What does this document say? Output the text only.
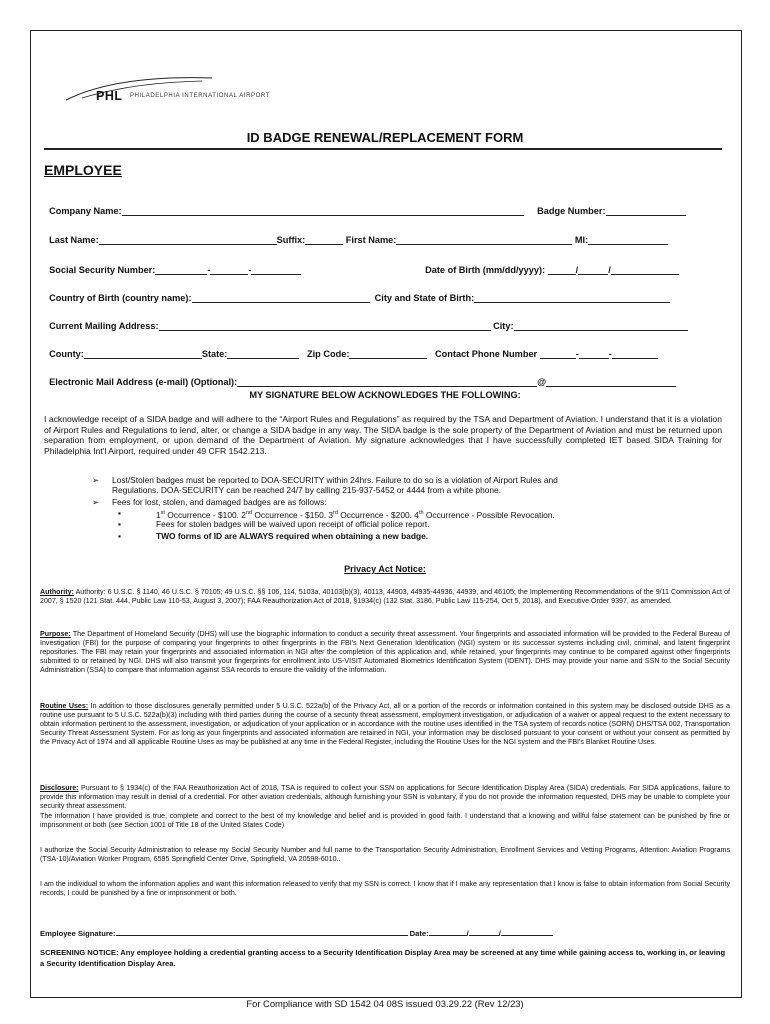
PHL PHILADELPHIA INTERNATIONAL AIRPORT
ID BADGE RENEWAL/REPLACEMENT FORM
EMPLOYEE

Company Name:	Badge Number:

Last Name:	Suffix:	First Name:	MI:

Social Security Number:	-	-	Date of Birth (mm/dd/yyyy):	/	/

Country of Birth (country name):	City and State of Birth:

Current Mailing Address:	City:

County:	State:	Zip Code:	Contact Phone Number	-	-

Electronic Mail Address (e-mail) (Optional):	@

MY SIGNATURE BELOW ACKNOWLEDGES THE FOLLOWING:
I acknowledge receipt of a SIDA badge and will adhere to the “Airport Rules and Regulations” as required by the TSA and Department of Aviation. I understand that it is a violation of Airport Rules and Regulations to lend, alter, or change a SIDA badge in any way. The SIDA badge is the sole property of the Department of Aviation and must be returned upon separation from employment, or upon demand of the Department of Aviation. My signature acknowledges that I have successfully completed IET based SIDA Training for Philadelphia Int'l Airport, required under 49 CFR 1542.213.
➢ Lost/Stolen badges must be reported to DOA-SECURITY within 24hrs. Failure to do so is a violation of Airport Rules and
Regulations. DOA-SECURITY can be reached 24/7 by calling 215-937-5452 or 4444 from a white phone.
➢ Fees for lost, stolen, and damaged badges are as follows:
▪	1st Occurrence - $100. 2nd Occurrence - $150. 3rd Occurrence - $200. 4th Occurrence - Possible Revocation.
▪	Fees for stolen badges will be waived upon receipt of official police report.
▪	TWO forms of ID are ALWAYS required when obtaining a new badge.
Privacy Act Notice:
Authority: Authority: 6 U.S.C. § 1140, 46 U.S.C. § 70105; 49 U.S.C. §§ 106, 114, 5103a, 40103(b)(3), 40113, 44903, 44935-44936, 44939, and 46105; the Implementing Recommendations of the 9/11 Commission Act of 2007, § 1520 (121 Stat. 444, Public Law 110-53, August 3, 2007); FAA Reauthorization Act of 2018, §1934(c) (132 Stat. 3186, Public Law 115-254, Oct 5, 2018), and Executive Order 9397, as amended.
Purpose: The Department of Homeland Security (DHS) will use the biographic information to conduct a security threat assessment. Your fingerprints and associated information will be provided to the Federal Bureau of Investigation (FBI) for the purpose of comparing your fingerprints to other fingerprints in the FBI's Next Generation Identification (NGI) system or its successor systems including civil, criminal, and latent fingerprint repositories. The FBI may retain your fingerprints and associated information in NGI after the completion of this application and, while retained, your fingerprints may continue to be compared against other fingerprints submitted to or retained by NGI. DHS will also transmit your fingerprints for enrollment into US-VISIT Automated Biometrics Identification System (IDENT). DHS may provide your name and SSN to the Social Security Administration (SSA) to compare that information against SSA records to ensure the validity of the information.
Routine Uses: In addition to those disclosures generally permitted under 5 U.S.C. 522a(b) of the Privacy Act, all or a portion of the records or information contained in this system may be disclosed outside DHS as a routine use pursuant to 5 U.S.C. 522a(b)(3) including with third parties during the course of a security threat assessment, employment investigation, or adjudication of a waiver or appeal request to the extent necessary to obtain information pertinent to the assessment, investigation, or adjudication of your application or in accordance with the routine uses identified in the TSA system of records notice (SORN) DHS/TSA 002, Transportation Security Threat Assessment System. For as long as your fingerprints and associated information are retained in NGI, your information may be disclosed pursuant to your consent or without your consent as permitted by the Privacy Act of 1974 and all applicable Routine Uses as may be published at any time in the Federal Register, including the Routine Uses for the NGI system and the FBI's Blanket Routine Uses.
Disclosure: Pursuant to § 1934(c) of the FAA Reauthorization Act of 2018, TSA is required to collect your SSN on applications for Secure Identification Display Area (SIDA) credentials. For SIDA applications, failure to provide this information may result in denial of a credential. For other aviation credentials, although furnishing your SSN is voluntary, if you do not provide the information requested, DHS may be unable to complete your security threat assessment.
The information I have provided is true, complete and correct to the best of my knowledge and belief and is provided in good faith. I understand that a knowing and willful false statement can be punished by fine or imprisonment or both (see Section 1001 of Title 18 of the United States Code)
I authorize the Social Security Administration to release my Social Security Number and full name to the Transportation Security Administration, Enrollment Services and Vetting Programs, Attention: Aviation Programs (TSA-10)/Aviation Worker Program, 6595 Springfield Center Drive, Springfield, VA 20598-6010..
I am the individual to whom the information applies and want this information released to verify that my SSN is correct. I know that if I make any representation that I know is false to obtain information from Social Security records, I could be punished by a fine or imprisonment or both.
Employee Signature:	Date:	/	/
SCREENING NOTICE: Any employee holding a credential granting access to a Security Identification Display Area may be screened at any time while gaining access to, working in, or leaving a Security Identification Display Area.
For Compliance with SD 1542 04 08S issued 03.29.22 (Rev 12/23)
